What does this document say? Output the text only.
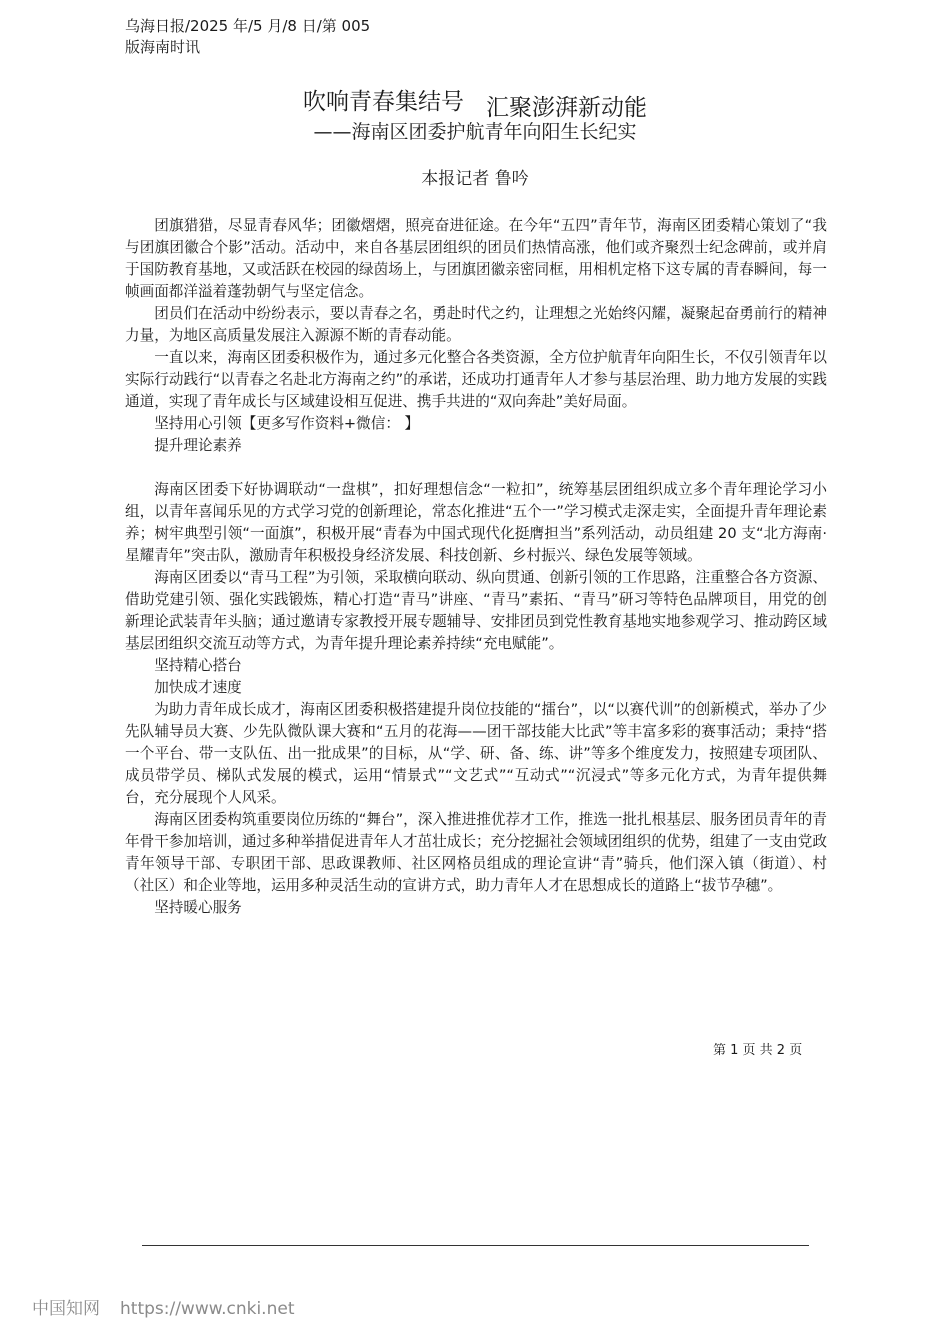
乌海日报/2025 年/5 月/8 日/第 005
版海南时讯
吹响青春集结号 汇聚澎湃新动能
——海南区团委护航青年向阳生长纪实
本报记者 鲁吟

团旗猎猎，尽显青春风华；团徽熠熠，照亮奋进征途。在今年“五四”青年节，海南区团委精心策划了“我与团旗团徽合个影”活动。活动中，来自各基层团组织的团员们热情高涨，他们或齐聚烈士纪念碑前，或并肩于国防教育基地，又或活跃在校园的绿茵场上，与团旗团徽亲密同框，用相机定格下这专属的青春瞬间，每一帧画面都洋溢着蓬勃朝气与坚定信念。

团员们在活动中纷纷表示，要以青春之名，勇赴时代之约，让理想之光始终闪耀，凝聚起奋勇前行的精神力量，为地区高质量发展注入源源不断的青春动能。

一直以来，海南区团委积极作为，通过多元化整合各类资源，全方位护航青年向阳生长，不仅引领青年以实际行动践行“以青春之名赴北方海南之约”的承诺，还成功打通青年人才参与基层治理、助力地方发展的实践通道，实现了青年成长与区域建设相互促进、携手共进的“双向奔赴”美好局面。

坚持用心引领【更多写作资料+微信： 】

提升理论素养

海南区团委下好协调联动“一盘棋”，扣好理想信念“一粒扣”，统筹基层团组织成立多个青年理论学习小组，以青年喜闻乐见的方式学习党的创新理论，常态化推进“五个一”学习模式走深走实，全面提升青年理论素养；树牢典型引领“一面旗”，积极开展“青春为中国式现代化挺膺担当”系列活动，动员组建 20 支“北方海南·星耀青年”突击队，激励青年积极投身经济发展、科技创新、乡村振兴、绿色发展等领域。

海南区团委以“青马工程”为引领，采取横向联动、纵向贯通、创新引领的工作思路，注重整合各方资源、借助党建引领、强化实践锻炼，精心打造“青马”讲座、“青马”素拓、“青马”研习等特色品牌项目，用党的创新理论武装青年头脑；通过邀请专家教授开展专题辅导、安排团员到党性教育基地实地参观学习、推动跨区域基层团组织交流互动等方式，为青年提升理论素养持续“充电赋能”。

坚持精心搭台

加快成才速度

为助力青年成长成才，海南区团委积极搭建提升岗位技能的“擂台”，以“以赛代训”的创新模式，举办了少先队辅导员大赛、少先队微队课大赛和“五月的花海——团干部技能大比武”等丰富多彩的赛事活动；秉持“搭一个平台、带一支队伍、出一批成果”的目标，从“学、研、备、练、讲”等多个维度发力，按照建专项团队、成员带学员、梯队式发展的模式，运用“情景式”“文艺式”“互动式”“沉浸式”等多元化方式，为青年提供舞台，充分展现个人风采。

海南区团委构筑重要岗位历练的“舞台”，深入推进推优荐才工作，推选一批扎根基层、服务团员青年的青年骨干参加培训，通过多种举措促进青年人才茁壮成长；充分挖掘社会领域团组织的优势，组建了一支由党政青年领导干部、专职团干部、思政课教师、社区网格员组成的理论宣讲“青”骑兵，他们深入镇（街道）、村（社区）和企业等地，运用多种灵活生动的宣讲方式，助力青年人才在思想成长的道路上“拔节孕穗”。

坚持暖心服务

第 1 页 共 2 页
中国知网 https://www.cnki.net
